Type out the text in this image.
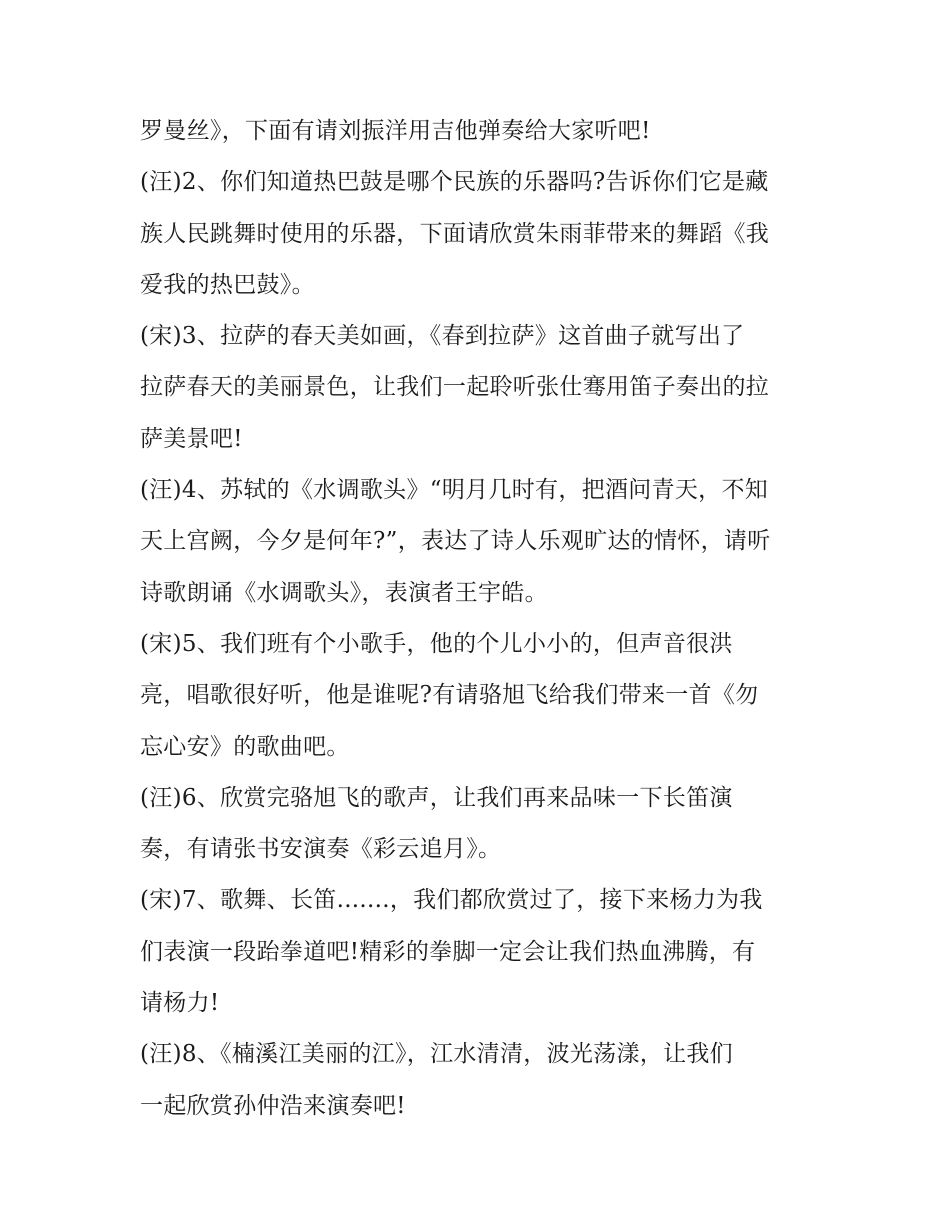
罗曼丝》，下面有请刘振洋用吉他弹奏给大家听吧!
(汪)2、你们知道热巴鼓是哪个民族的乐器吗?告诉你们它是藏
族人民跳舞时使用的乐器，下面请欣赏朱雨菲带来的舞蹈《我
爱我的热巴鼓》。
(宋)3、拉萨的春天美如画，《春到拉萨》这首曲子就写出了
拉萨春天的美丽景色，让我们一起聆听张仕骞用笛子奏出的拉
萨美景吧!
(汪)4、苏轼的《水调歌头》“明月几时有，把酒问青天，不知
天上宫阙，今夕是何年?”，表达了诗人乐观旷达的情怀，请听
诗歌朗诵《水调歌头》，表演者王宇皓。
(宋)5、我们班有个小歌手，他的个儿小小的，但声音很洪
亮，唱歌很好听，他是谁呢?有请骆旭飞给我们带来一首《勿
忘心安》的歌曲吧。
(汪)6、欣赏完骆旭飞的歌声，让我们再来品味一下长笛演
奏，有请张书安演奏《彩云追月》。
(宋)7、歌舞、长笛.......，我们都欣赏过了，接下来杨力为我
们表演一段跆拳道吧!精彩的拳脚一定会让我们热血沸腾，有
请杨力!
(汪)8、《楠溪江美丽的江》，江水清清，波光荡漾，让我们
一起欣赏孙仲浩来演奏吧!
